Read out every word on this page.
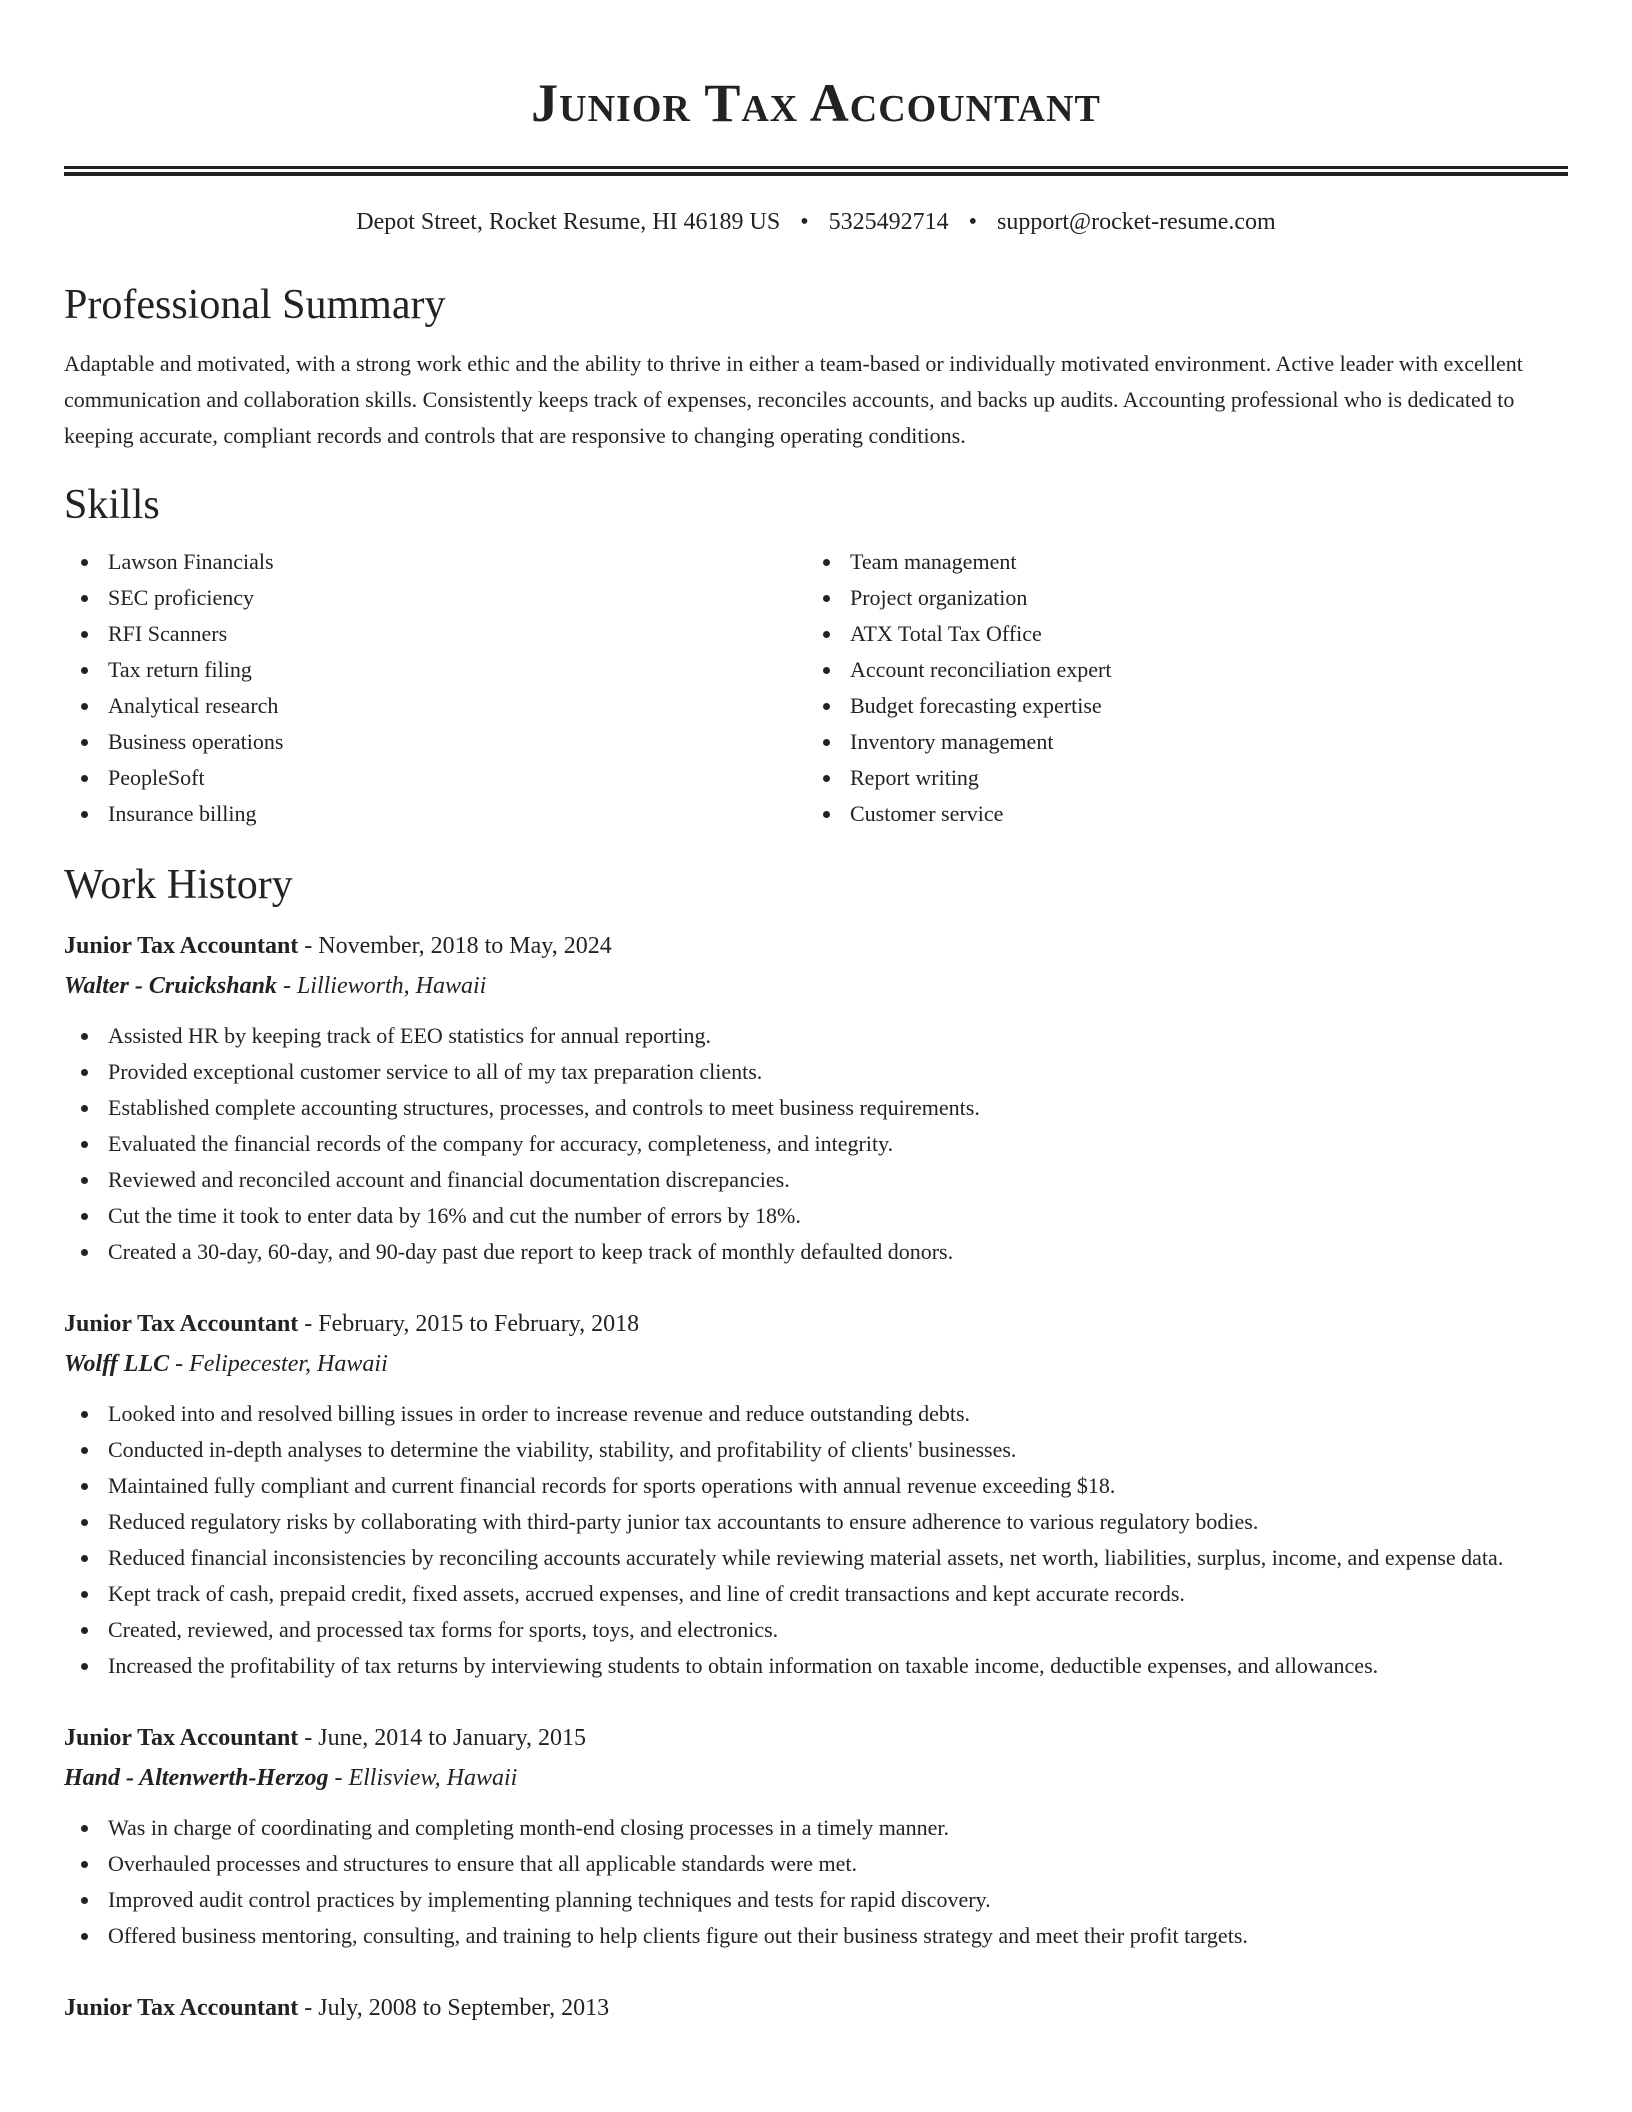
Junior Tax Accountant
Depot Street, Rocket Resume, HI 46189 US • 5325492714 • support@rocket-resume.com
Professional Summary

Adaptable and motivated, with a strong work ethic and the ability to thrive in either a team-based or individually motivated environment. Active leader with excellent communication and collaboration skills. Consistently keeps track of expenses, reconciles accounts, and backs up audits. Accounting professional who is dedicated to keeping accurate, compliant records and controls that are responsive to changing operating conditions.

Skills
Lawson Financials
SEC proficiency
RFI Scanners
Tax return filing
Analytical research
Business operations
PeopleSoft
Insurance billing
Team management
Project organization
ATX Total Tax Office
Account reconciliation expert
Budget forecasting expertise
Inventory management
Report writing
Customer service
Work History
Junior Tax Accountant - November, 2018 to May, 2024
Walter - Cruickshank - Lillieworth, Hawaii
Assisted HR by keeping track of EEO statistics for annual reporting.
Provided exceptional customer service to all of my tax preparation clients.
Established complete accounting structures, processes, and controls to meet business requirements.
Evaluated the financial records of the company for accuracy, completeness, and integrity.
Reviewed and reconciled account and financial documentation discrepancies.
Cut the time it took to enter data by 16% and cut the number of errors by 18%.
Created a 30-day, 60-day, and 90-day past due report to keep track of monthly defaulted donors.
Junior Tax Accountant - February, 2015 to February, 2018
Wolff LLC - Felipecester, Hawaii
Looked into and resolved billing issues in order to increase revenue and reduce outstanding debts.
Conducted in-depth analyses to determine the viability, stability, and profitability of clients' businesses.
Maintained fully compliant and current financial records for sports operations with annual revenue exceeding $18.
Reduced regulatory risks by collaborating with third-party junior tax accountants to ensure adherence to various regulatory bodies.
Reduced financial inconsistencies by reconciling accounts accurately while reviewing material assets, net worth, liabilities, surplus, income, and expense data.
Kept track of cash, prepaid credit, fixed assets, accrued expenses, and line of credit transactions and kept accurate records.
Created, reviewed, and processed tax forms for sports, toys, and electronics.
Increased the profitability of tax returns by interviewing students to obtain information on taxable income, deductible expenses, and allowances.
Junior Tax Accountant - June, 2014 to January, 2015
Hand - Altenwerth-Herzog - Ellisview, Hawaii
Was in charge of coordinating and completing month-end closing processes in a timely manner.
Overhauled processes and structures to ensure that all applicable standards were met.
Improved audit control practices by implementing planning techniques and tests for rapid discovery.
Offered business mentoring, consulting, and training to help clients figure out their business strategy and meet their profit targets.
Junior Tax Accountant - July, 2008 to September, 2013
